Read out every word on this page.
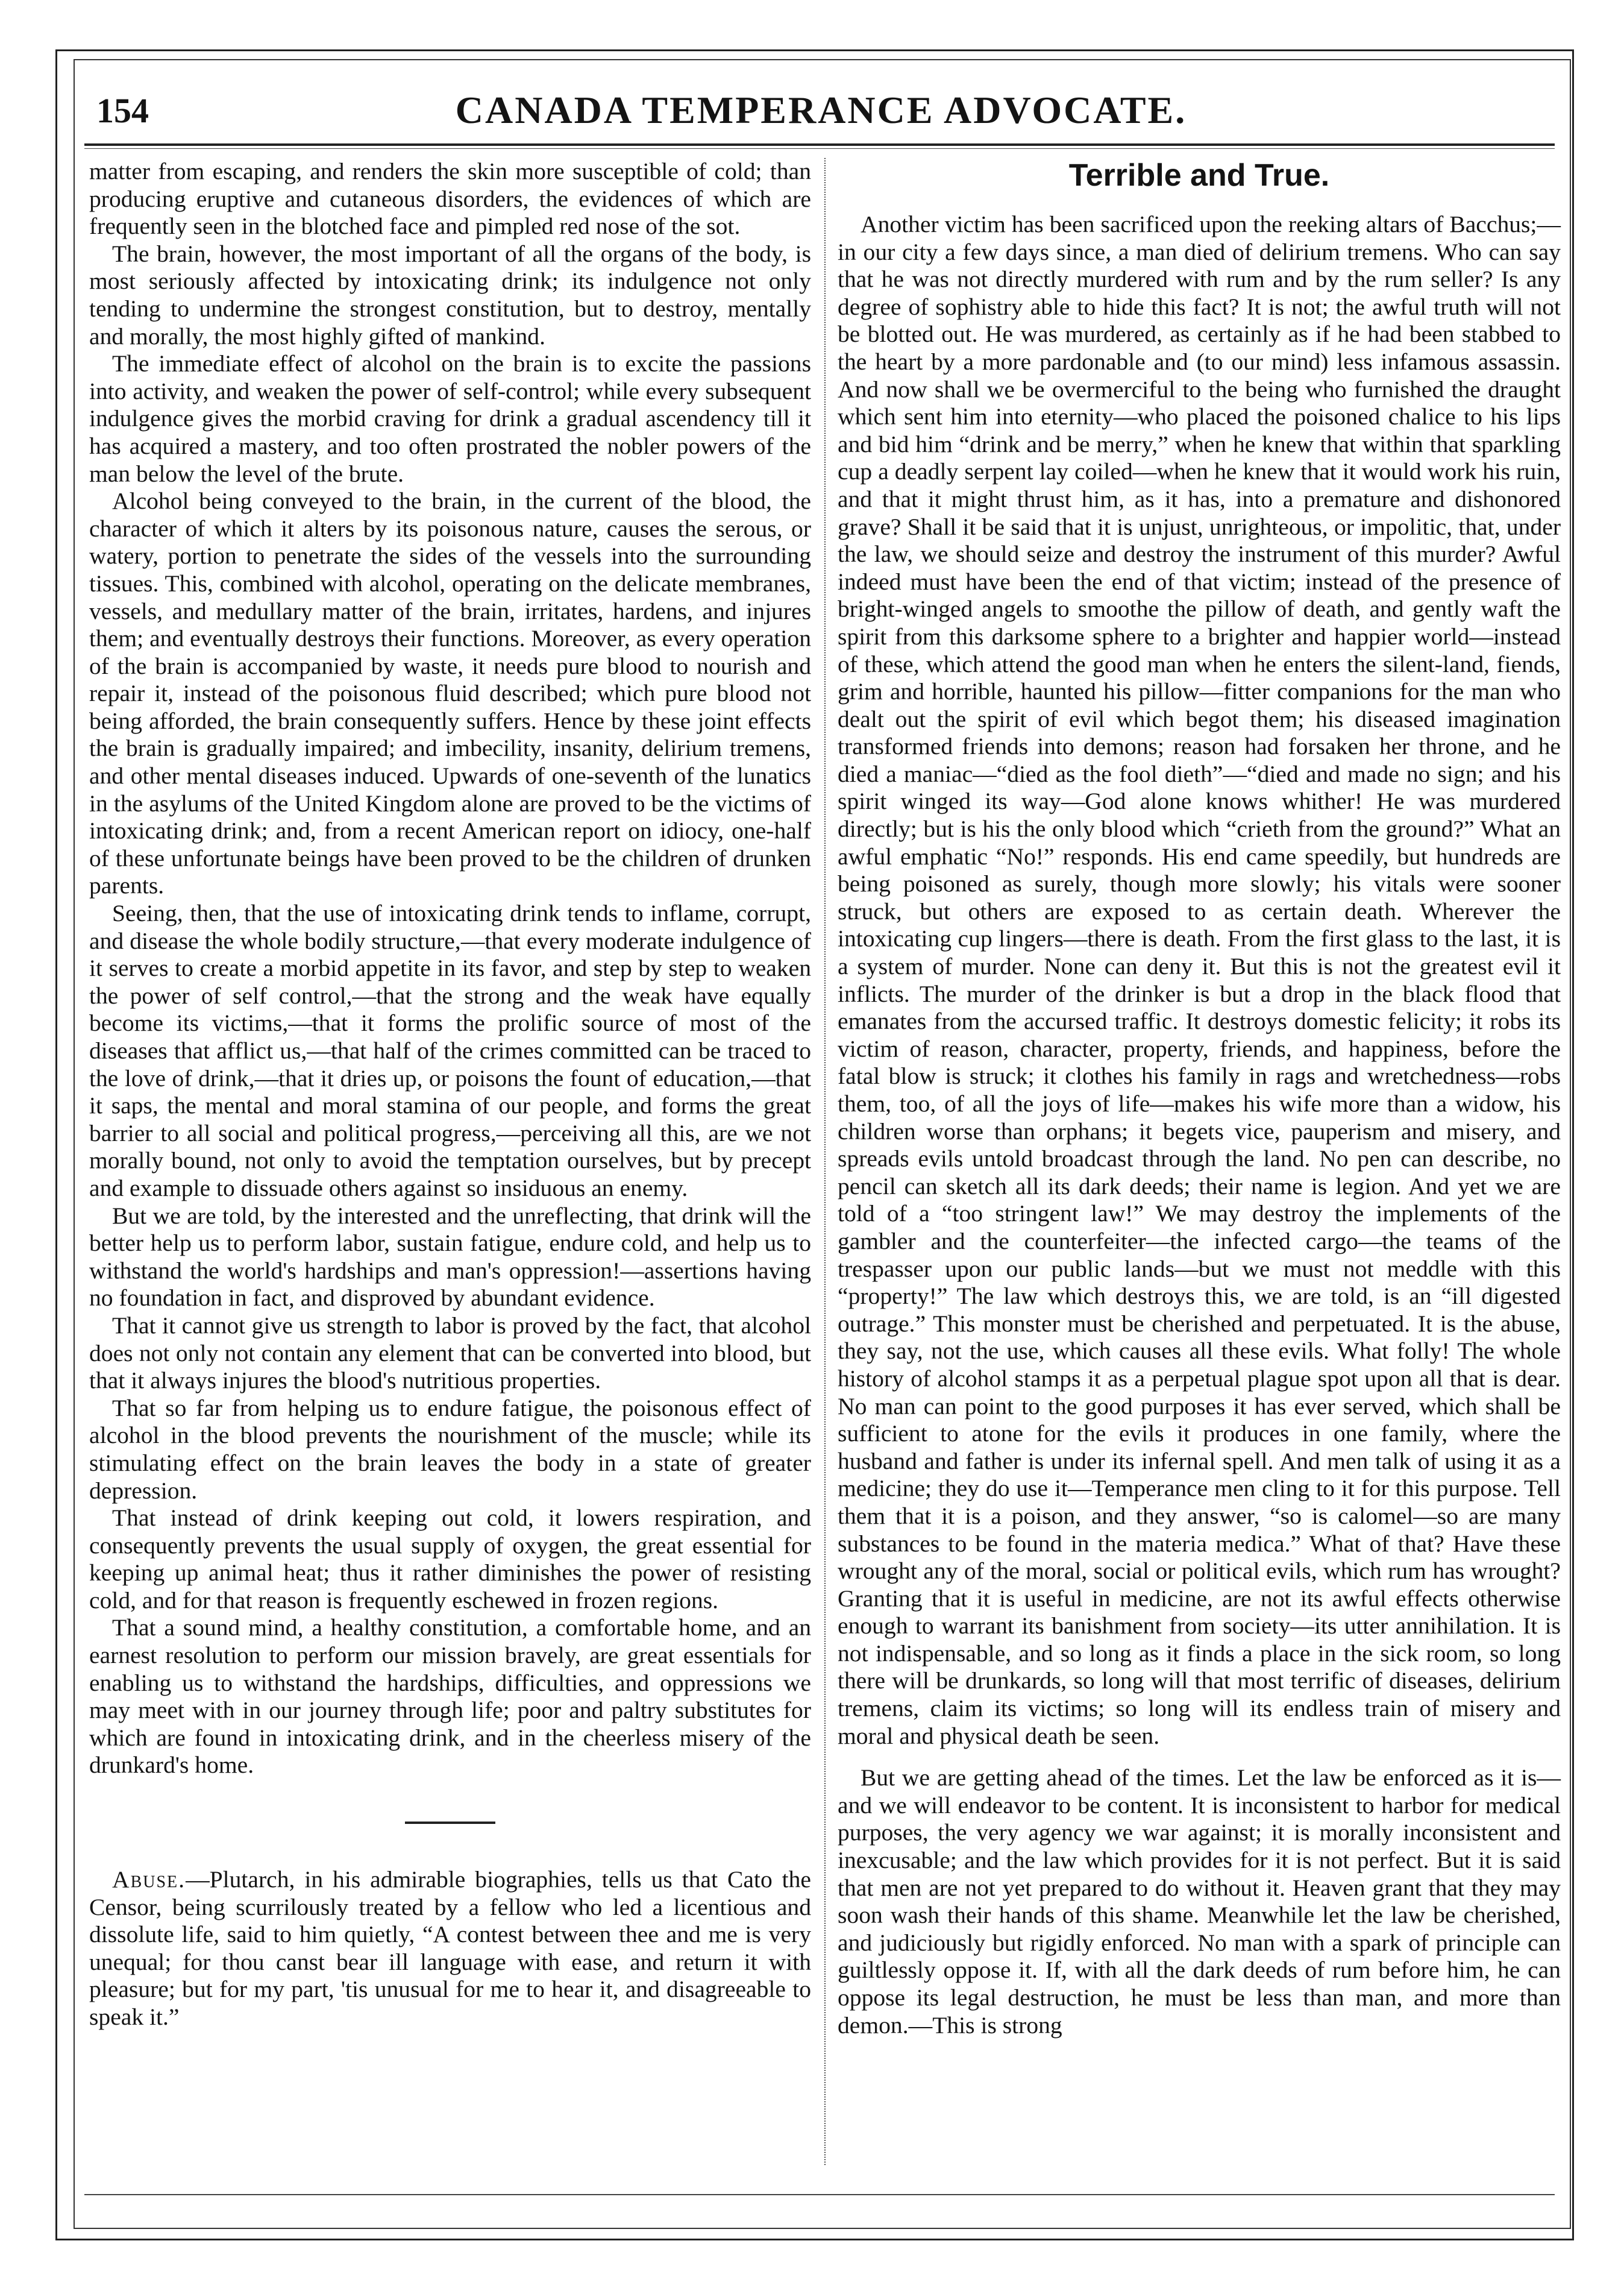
154	CANADA TEMPERANCE ADVOCATE.

matter from escaping, and renders the skin more susceptible of cold; than producing eruptive and cutaneous disorders, the evidences of which are frequently seen in the blotched face and pimpled red nose of the sot.

The brain, however, the most important of all the organs of the body, is most seriously affected by intoxicating drink; its indulgence not only tending to undermine the strongest constitution, but to destroy, mentally and morally, the most highly gifted of mankind.

The immediate effect of alcohol on the brain is to excite the passions into activity, and weaken the power of self-control; while every subsequent indulgence gives the morbid craving for drink a gradual ascendency till it has acquired a mastery, and too often prostrated the nobler powers of the man below the level of the brute.

Alcohol being conveyed to the brain, in the current of the blood, the character of which it alters by its poisonous nature, causes the serous, or watery, portion to penetrate the sides of the vessels into the surrounding tissues. This, combined with alcohol, operating on the delicate membranes, vessels, and medullary matter of the brain, irritates, hardens, and injures them; and eventually destroys their functions. Moreover, as every operation of the brain is accompanied by waste, it needs pure blood to nourish and repair it, instead of the poisonous fluid described; which pure blood not being afforded, the brain consequently suffers. Hence by these joint effects the brain is gradually impaired; and imbecility, insanity, delirium tremens, and other mental diseases induced. Upwards of one-seventh of the lunatics in the asylums of the United Kingdom alone are proved to be the victims of intoxicating drink; and, from a recent American report on idiocy, one-half of these unfortunate beings have been proved to be the children of drunken parents.

Seeing, then, that the use of intoxicating drink tends to inflame, corrupt, and disease the whole bodily structure,—that every moderate indulgence of it serves to create a morbid appetite in its favor, and step by step to weaken the power of self control,—that the strong and the weak have equally become its victims,—that it forms the prolific source of most of the diseases that afflict us,—that half of the crimes committed can be traced to the love of drink,—that it dries up, or poisons the fount of education,—that it saps, the mental and moral stamina of our people, and forms the great barrier to all social and political progress,—perceiving all this, are we not morally bound, not only to avoid the temptation ourselves, but by precept and example to dissuade others against so insiduous an enemy.

But we are told, by the interested and the unreflecting, that drink will the better help us to perform labor, sustain fatigue, endure cold, and help us to withstand the world's hardships and man's oppression!—assertions having no foundation in fact, and disproved by abundant evidence.

That it cannot give us strength to labor is proved by the fact, that alcohol does not only not contain any element that can be converted into blood, but that it always injures the blood's nutritious properties.

That so far from helping us to endure fatigue, the poisonous effect of alcohol in the blood prevents the nourishment of the muscle; while its stimulating effect on the brain leaves the body in a state of greater depression.

That instead of drink keeping out cold, it lowers respiration, and consequently prevents the usual supply of oxygen, the great essential for keeping up animal heat; thus it rather diminishes the power of resisting cold, and for that reason is frequently eschewed in frozen regions.

That a sound mind, a healthy constitution, a comfortable home, and an earnest resolution to perform our mission bravely, are great essentials for enabling us to withstand the hardships, difficulties, and oppressions we may meet with in our journey through life; poor and paltry substitutes for which are found in intoxicating drink, and in the cheerless misery of the drunkard's home.

Abuse.—Plutarch, in his admirable biographies, tells us that Cato the Censor, being scurrilously treated by a fellow who led a licentious and dissolute life, said to him quietly, “A contest between thee and me is very unequal; for thou canst bear ill language with ease, and return it with pleasure; but for my part, 'tis unusual for me to hear it, and disagreeable to speak it.”

Terrible and True.

Another victim has been sacrificed upon the reeking altars of Bacchus;—in our city a few days since, a man died of delirium tremens. Who can say that he was not directly murdered with rum and by the rum seller? Is any degree of sophistry able to hide this fact? It is not; the awful truth will not be blotted out. He was murdered, as certainly as if he had been stabbed to the heart by a more pardonable and (to our mind) less infamous assassin. And now shall we be overmerciful to the being who furnished the draught which sent him into eternity—who placed the poisoned chalice to his lips and bid him “drink and be merry,” when he knew that within that sparkling cup a deadly serpent lay coiled—when he knew that it would work his ruin, and that it might thrust him, as it has, into a premature and dishonored grave? Shall it be said that it is unjust, unrighteous, or impolitic, that, under the law, we should seize and destroy the instrument of this murder? Awful indeed must have been the end of that victim; instead of the presence of bright-winged angels to smoothe the pillow of death, and gently waft the spirit from this darksome sphere to a brighter and happier world—instead of these, which attend the good man when he enters the silent-land, fiends, grim and horrible, haunted his pillow—fitter companions for the man who dealt out the spirit of evil which begot them; his diseased imagination transformed friends into demons; reason had forsaken her throne, and he died a maniac—“died as the fool dieth”—“died and made no sign; and his spirit winged its way—God alone knows whither! He was murdered directly; but is his the only blood which “crieth from the ground?” What an awful emphatic “No!” responds. His end came speedily, but hundreds are being poisoned as surely, though more slowly; his vitals were sooner struck, but others are exposed to as certain death. Wherever the intoxicating cup lingers—there is death. From the first glass to the last, it is a system of murder. None can deny it. But this is not the greatest evil it inflicts. The murder of the drinker is but a drop in the black flood that emanates from the accursed traffic. It destroys domestic felicity; it robs its victim of reason, character, property, friends, and happiness, before the fatal blow is struck; it clothes his family in rags and wretchedness—robs them, too, of all the joys of life—makes his wife more than a widow, his children worse than orphans; it begets vice, pauperism and misery, and spreads evils untold broadcast through the land. No pen can describe, no pencil can sketch all its dark deeds; their name is legion. And yet we are told of a “too stringent law!” We may destroy the implements of the gambler and the counterfeiter—the infected cargo—the teams of the trespasser upon our public lands—but we must not meddle with this “property!” The law which destroys this, we are told, is an “ill digested outrage.” This monster must be cherished and perpetuated. It is the abuse, they say, not the use, which causes all these evils. What folly! The whole history of alcohol stamps it as a perpetual plague spot upon all that is dear. No man can point to the good purposes it has ever served, which shall be sufficient to atone for the evils it produces in one family, where the husband and father is under its infernal spell. And men talk of using it as a medicine; they do use it—Temperance men cling to it for this purpose. Tell them that it is a poison, and they answer, “so is calomel—so are many substances to be found in the materia medica.” What of that? Have these wrought any of the moral, social or political evils, which rum has wrought? Granting that it is useful in medicine, are not its awful effects otherwise enough to warrant its banishment from society—its utter annihilation. It is not indispensable, and so long as it finds a place in the sick room, so long there will be drunkards, so long will that most terrific of diseases, delirium tremens, claim its victims; so long will its endless train of misery and moral and physical death be seen.

But we are getting ahead of the times. Let the law be enforced as it is—and we will endeavor to be content. It is inconsistent to harbor for medical purposes, the very agency we war against; it is morally inconsistent and inexcusable; and the law which provides for it is not perfect. But it is said that men are not yet prepared to do without it. Heaven grant that they may soon wash their hands of this shame. Meanwhile let the law be cherished, and judiciously but rigidly enforced. No man with a spark of principle can guiltlessly oppose it. If, with all the dark deeds of rum before him, he can oppose its legal destruction, he must be less than man, and more than demon.—This is strong
